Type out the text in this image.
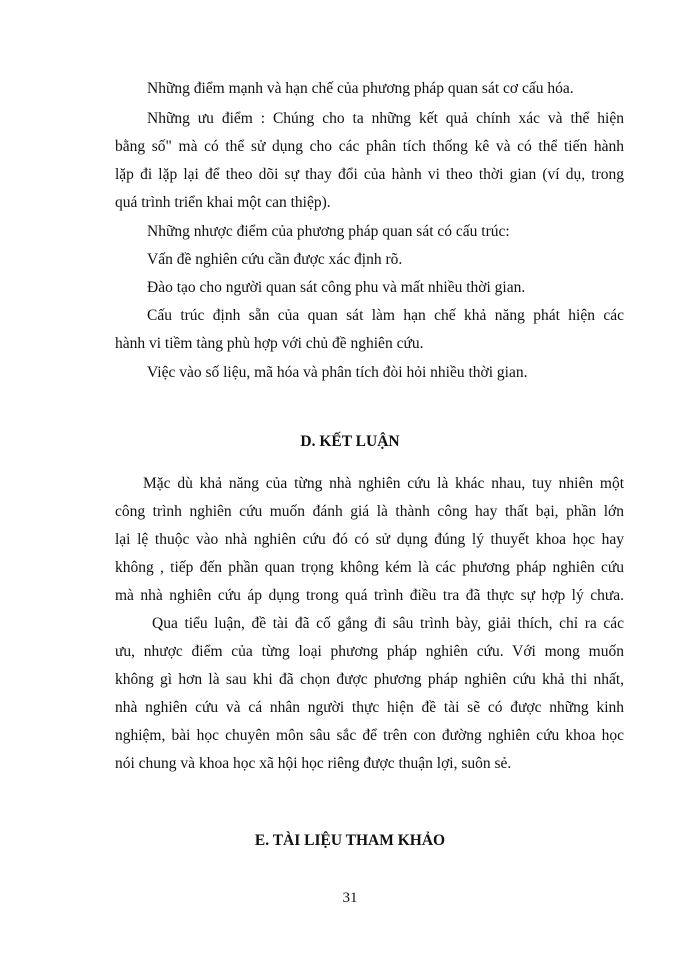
Những điểm mạnh và hạn chế của phương pháp quan sát cơ cấu hóa.
Những ưu điểm : Chúng cho ta những kết quả chính xác và thể hiện
bằng số" mà có thể sử dụng cho các phân tích thống kê và có thể tiến hành
lặp đi lặp lại để theo dõi sự thay đổi của hành vi theo thời gian (ví dụ, trong
quá trình triển khai một can thiệp).
Những nhược điểm của phương pháp quan sát có cấu trúc:
Vấn đề nghiên cứu cần được xác định rõ.
Đào tạo cho người quan sát công phu và mất nhiều thời gian.
Cấu trúc định sẵn của quan sát làm hạn chế khả năng phát hiện các
hành vi tiềm tàng phù hợp với chủ đề nghiên cứu.
Việc vào số liệu, mã hóa và phân tích đòi hỏi nhiều thời gian.
D. KẾT LUẬN
Mặc dù khả năng của từng nhà nghiên cứu là khác nhau, tuy nhiên một
công trình nghiên cứu muốn đánh giá là thành công hay thất bại, phần lớn
lại lệ thuộc vào nhà nghiên cứu đó có sử dụng đúng lý thuyết khoa học hay
không , tiếp đến phần quan trọng không kém là các phương pháp nghiên cứu
mà nhà nghiên cứu áp dụng trong quá trình điều tra đã thực sự hợp lý chưa.
Qua tiểu luận, đề tài đã cố gắng đi sâu trình bày, giải thích, chỉ ra các
ưu, nhược điểm của từng loại phương pháp nghiên cứu. Với mong muốn
không gì hơn là sau khi đã chọn được phương pháp nghiên cứu khả thi nhất,
nhà nghiên cứu và cá nhân người thực hiện đề tài sẽ có được những kinh
nghiệm, bài học chuyên môn sâu sắc để trên con đường nghiên cứu khoa học
nói chung và khoa học xã hội học riêng được thuận lợi, suôn sẻ.
E. TÀI LIỆU THAM KHẢO
31
